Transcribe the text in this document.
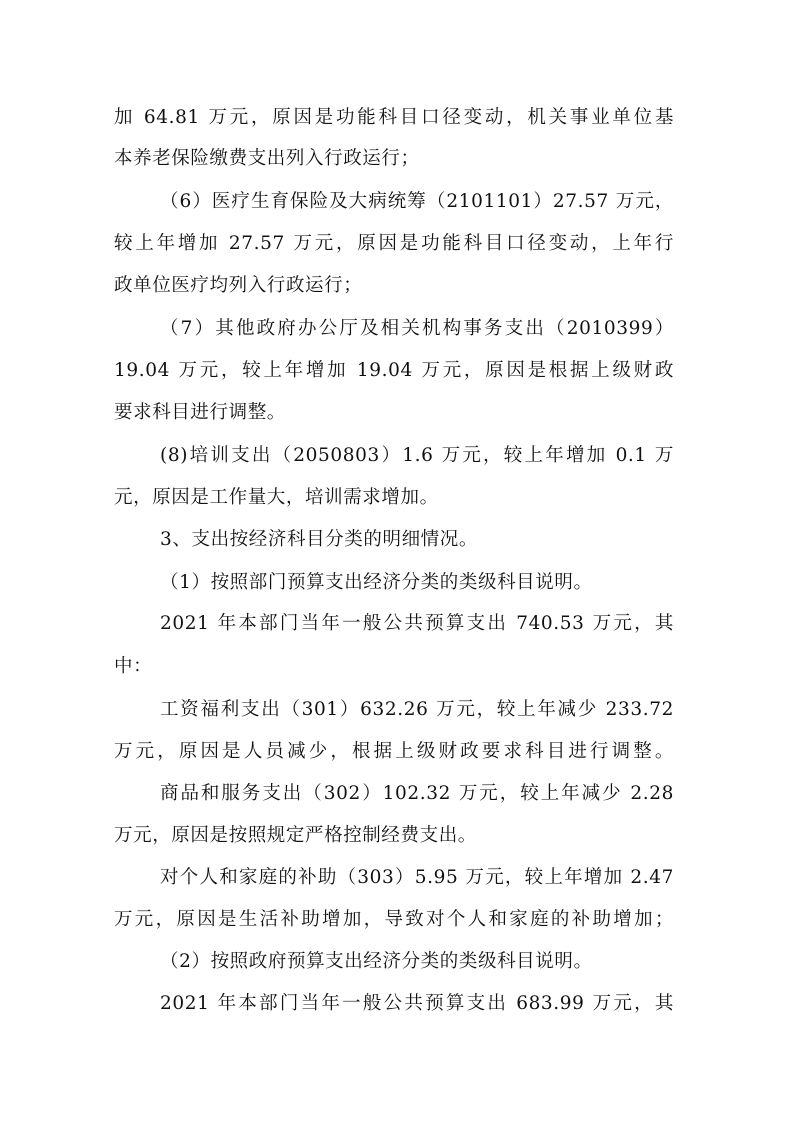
加 64.81 万元，原因是功能科目口径变动，机关事业单位基
本养老保险缴费支出列入行政运行；
（6）医疗生育保险及大病统筹（2101101）27.57 万元，
较上年增加 27.57 万元，原因是功能科目口径变动，上年行
政单位医疗均列入行政运行；
（7）其他政府办公厅及相关机构事务支出（2010399）
19.04 万元，较上年增加 19.04 万元，原因是根据上级财政
要求科目进行调整。
(8)培训支出（2050803）1.6 万元，较上年增加 0.1 万
元，原因是工作量大，培训需求增加。
3、支出按经济科目分类的明细情况。
（1）按照部门预算支出经济分类的类级科目说明。
2021 年本部门当年一般公共预算支出 740.53 万元，其
中：
工资福利支出（301）632.26 万元，较上年减少 233.72
万元，原因是人员减少，根据上级财政要求科目进行调整。
商品和服务支出（302）102.32 万元，较上年减少 2.28
万元，原因是按照规定严格控制经费支出。
对个人和家庭的补助（303）5.95 万元，较上年增加 2.47
万元，原因是生活补助增加，导致对个人和家庭的补助增加；
（2）按照政府预算支出经济分类的类级科目说明。
2021 年本部门当年一般公共预算支出 683.99 万元，其
